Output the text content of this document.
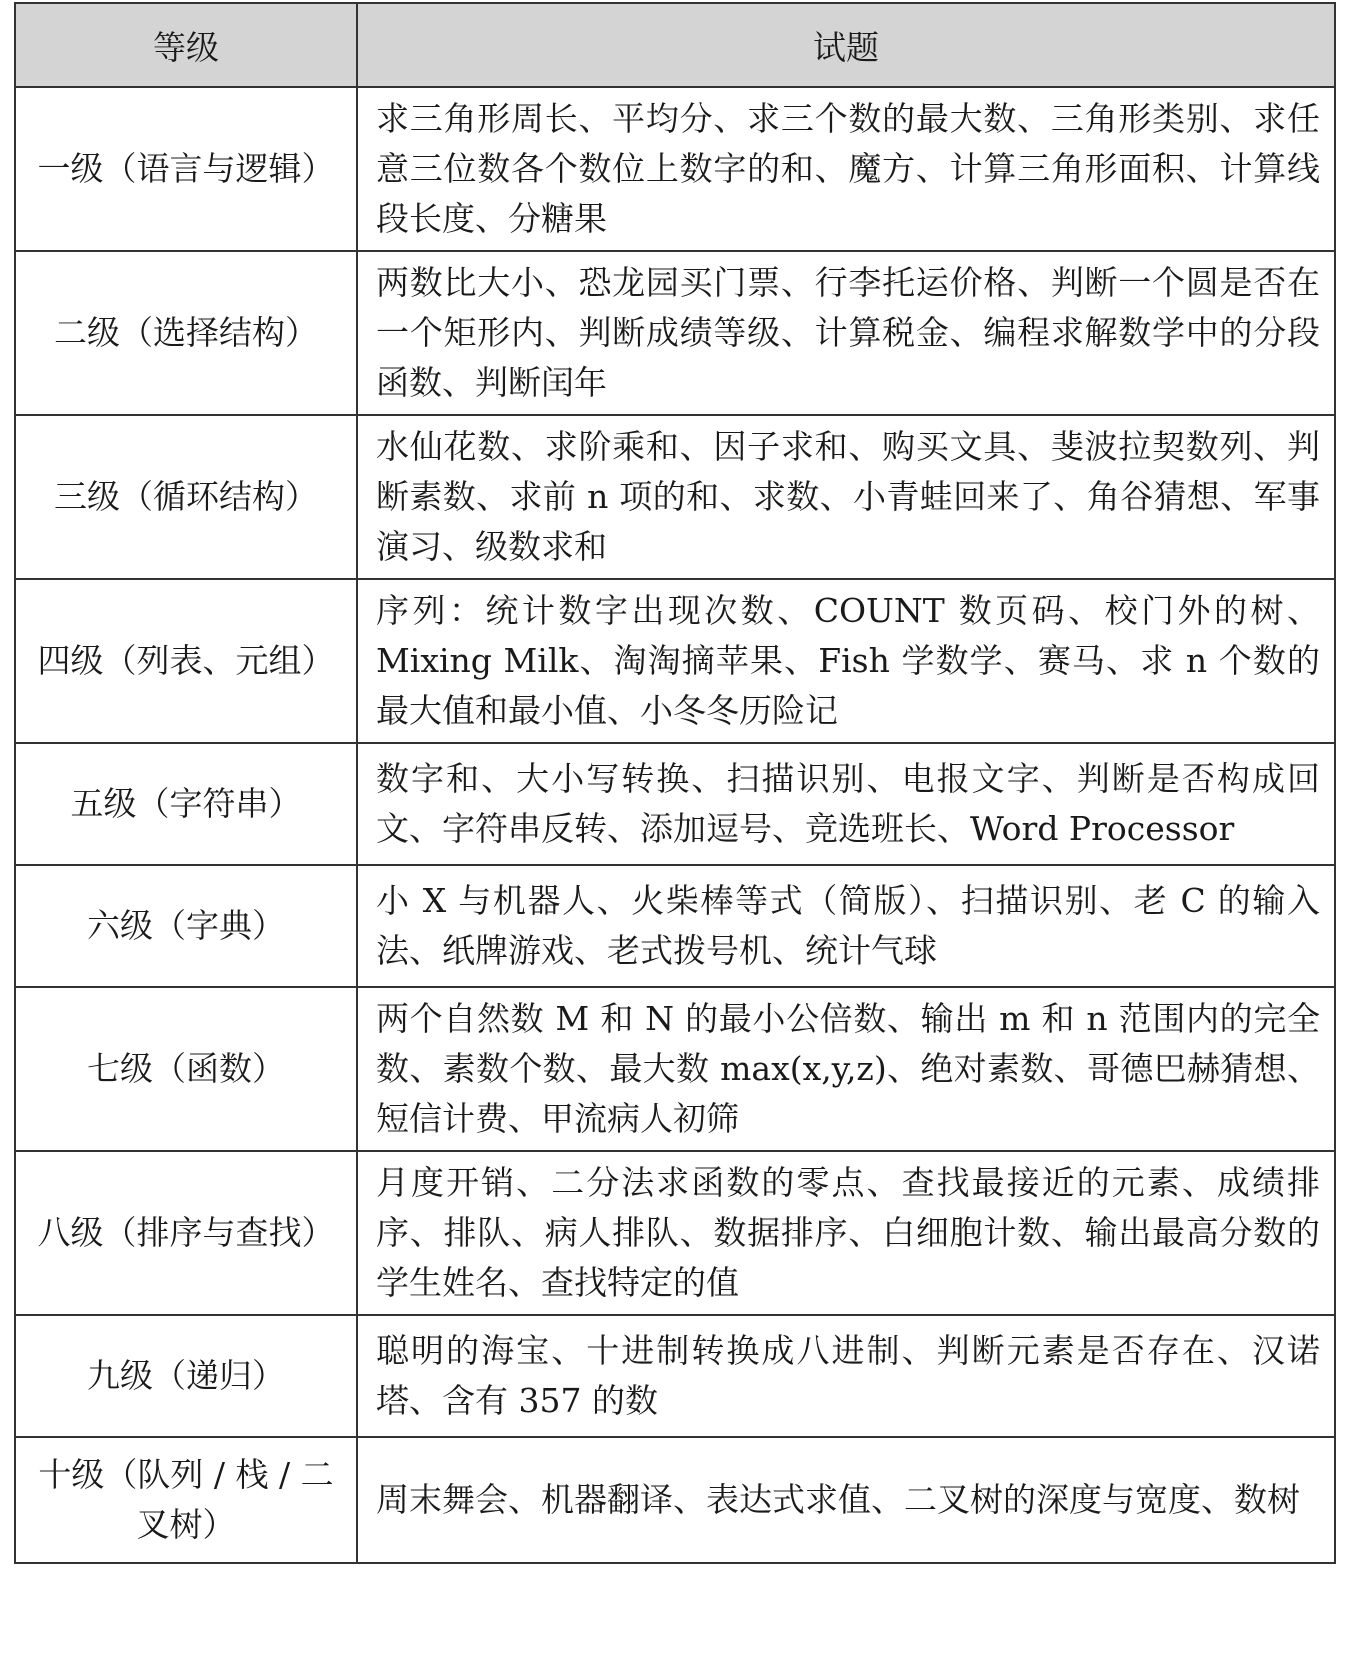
等级	试题
一级（语言与逻辑）	求三角形周长、平均分、求三个数的最大数、三角形类别、求任意三位数各个数位上数字的和、魔方、计算三角形面积、计算线段长度、分糖果
二级（选择结构）	两数比大小、恐龙园买门票、行李托运价格、判断一个圆是否在一个矩形内、判断成绩等级、计算税金、编程求解数学中的分段函数、判断闰年
三级（循环结构）	水仙花数、求阶乘和、因子求和、购买文具、斐波拉契数列、判断素数、求前 n 项的和、求数、小青蛙回来了、角谷猜想、军事演习、级数求和
四级（列表、元组）	序列：统计数字出现次数、COUNT 数页码、校门外的树、Mixing Milk、淘淘摘苹果、Fish 学数学、赛马、求 n 个数的最大值和最小值、小冬冬历险记
五级（字符串）	数字和、大小写转换、扫描识别、电报文字、判断是否构成回文、字符串反转、添加逗号、竞选班长、Word Processor
六级（字典）	小 X 与机器人、火柴棒等式（简版）、扫描识别、老 C 的输入法、纸牌游戏、老式拨号机、统计气球
七级（函数）	两个自然数 M 和 N 的最小公倍数、输出 m 和 n 范围内的完全数、素数个数、最大数 max(x,y,z)、绝对素数、哥德巴赫猜想、短信计费、甲流病人初筛
八级（排序与查找）	月度开销、二分法求函数的零点、查找最接近的元素、成绩排序、排队、病人排队、数据排序、白细胞计数、输出最高分数的学生姓名、查找特定的值
九级（递归）	聪明的海宝、十进制转换成八进制、判断元素是否存在、汉诺塔、含有 357 的数
十级（队列 / 栈 / 二叉树）	周末舞会、机器翻译、表达式求值、二叉树的深度与宽度、数树
